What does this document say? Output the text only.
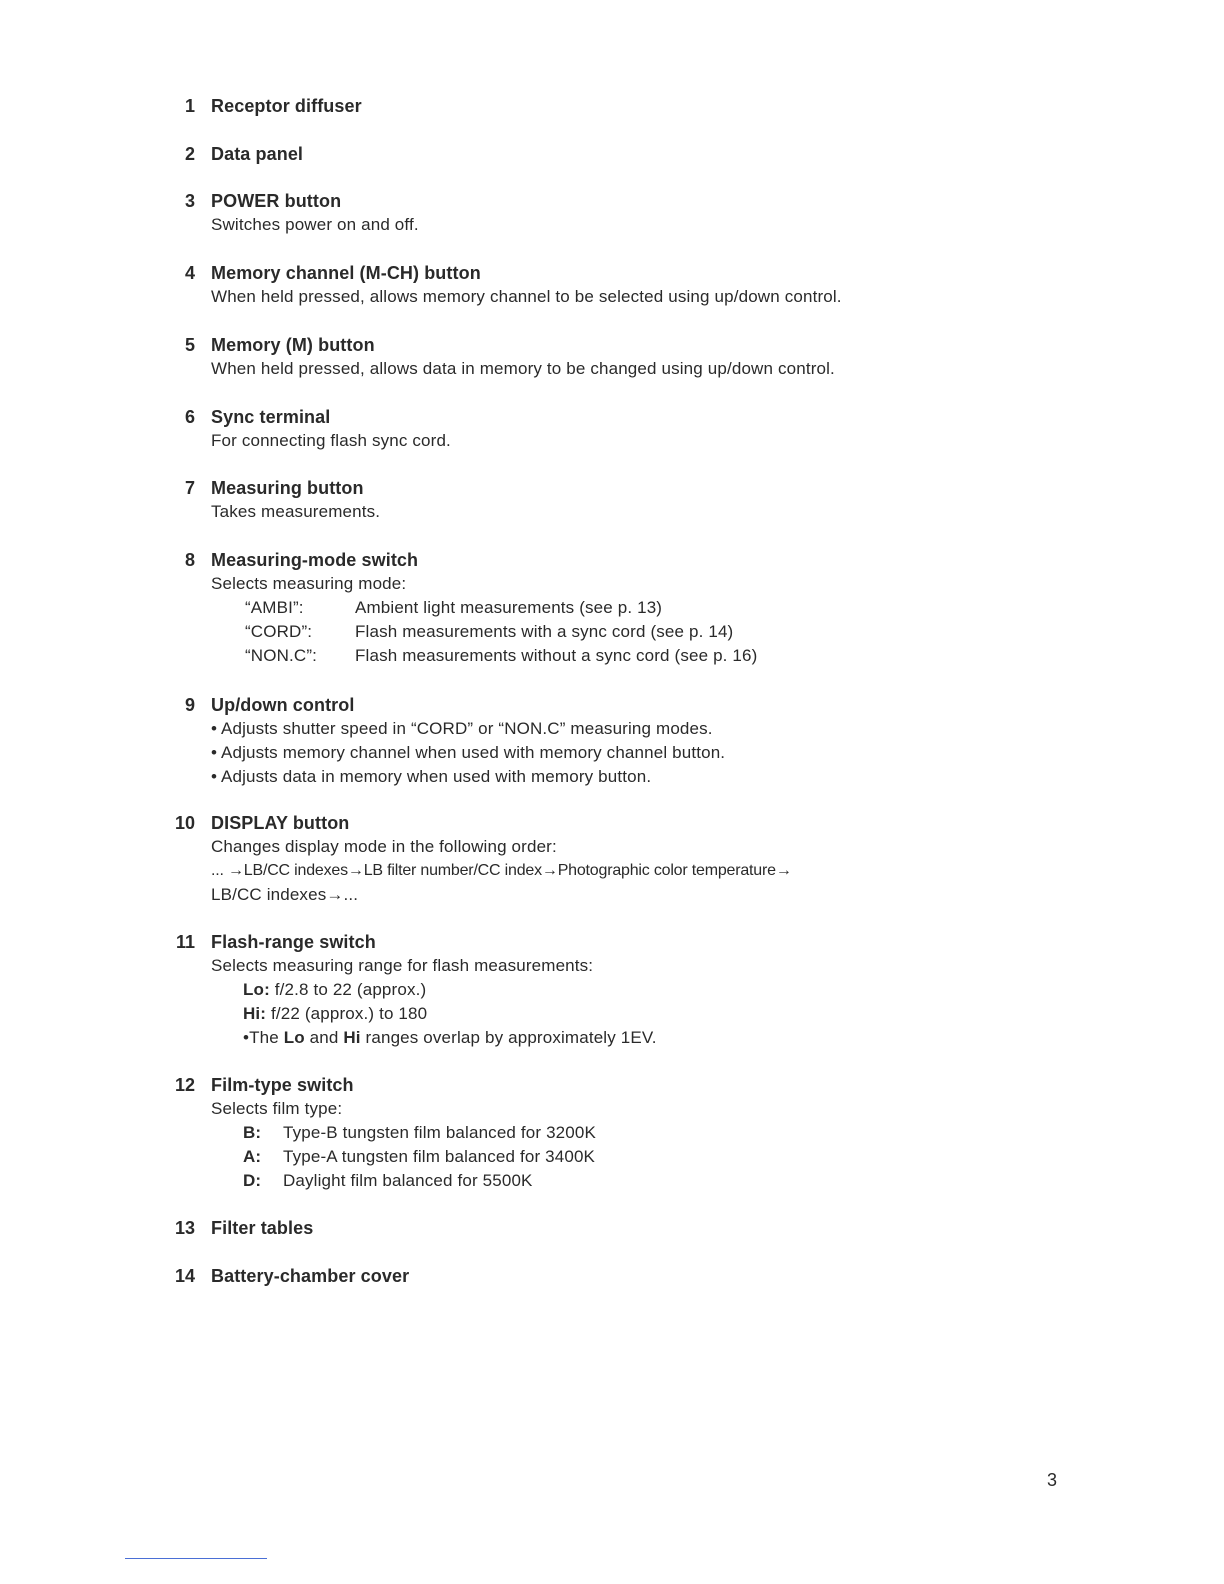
1 Receptor diffuser
2 Data panel
3 POWER button
Switches power on and off.
4 Memory channel (M-CH) button
When held pressed, allows memory channel to be selected using up/down control.
5 Memory (M) button
When held pressed, allows data in memory to be changed using up/down control.
6 Sync terminal
For connecting flash sync cord.
7 Measuring button
Takes measurements.
8 Measuring-mode switch
Selects measuring mode:
“AMBI”:	Ambient light measurements (see p. 13)
“CORD”:	Flash measurements with a sync cord (see p. 14)
“NON.C”: Flash measurements without a sync cord (see p. 16)
9 Up/down control
• Adjusts shutter speed in “CORD” or “NON.C” measuring modes.
• Adjusts memory channel when used with memory channel button.
• Adjusts data in memory when used with memory button.
10 DISPLAY button
Changes display mode in the following order:
... →LB/CC indexes→LB filter number/CC index→Photographic color temperature→
LB/CC indexes→...
11 Flash-range switch
Selects measuring range for flash measurements:
Lo: f/2.8 to 22 (approx.)
Hi: f/22 (approx.) to 180
•The Lo and Hi ranges overlap by approximately 1EV.
12 Film-type switch
Selects film type:
B: Type-B tungsten film balanced for 3200K
A: Type-A tungsten film balanced for 3400K
D: Daylight film balanced for 5500K
13 Filter tables
14 Battery-chamber cover
3
